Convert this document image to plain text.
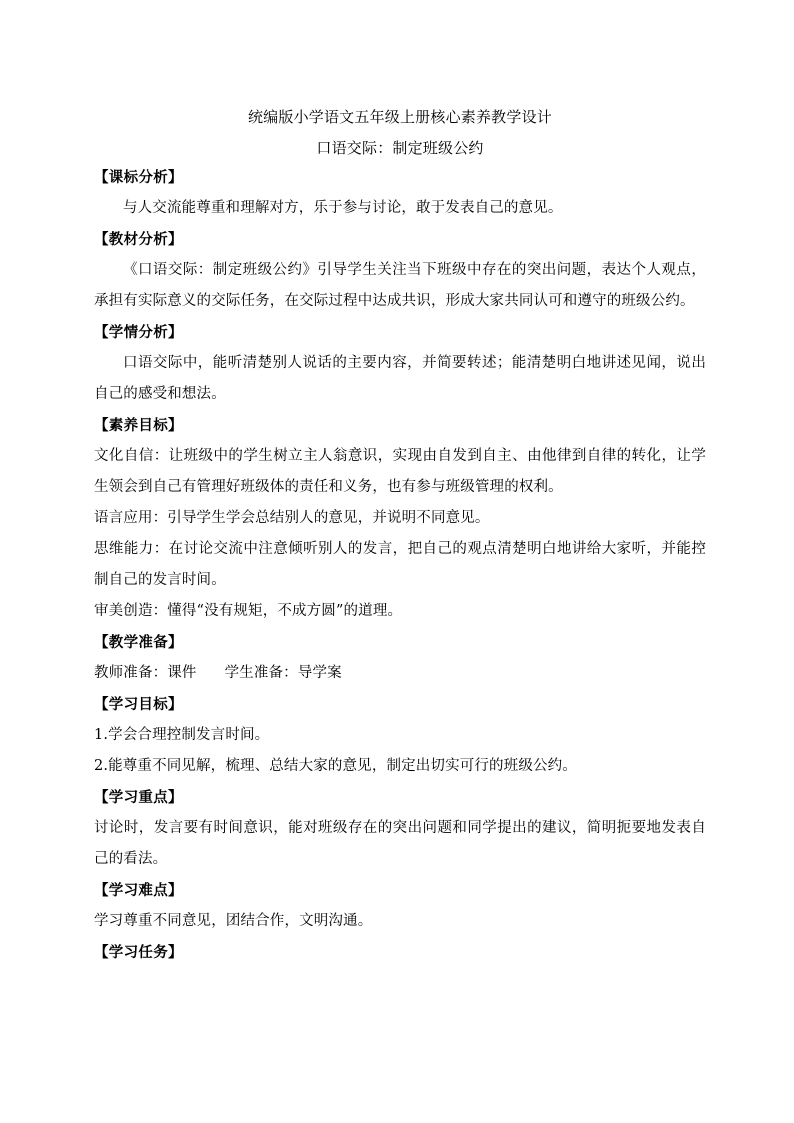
统编版小学语文五年级上册核心素养教学设计
口语交际：制定班级公约
【课标分析】

与人交流能尊重和理解对方，乐于参与讨论，敢于发表自己的意见。

【教材分析】

《口语交际：制定班级公约》引导学生关注当下班级中存在的突出问题，表达个人观点，承担有实际意义的交际任务，在交际过程中达成共识，形成大家共同认可和遵守的班级公约。

【学情分析】

口语交际中，能听清楚别人说话的主要内容，并简要转述；能清楚明白地讲述见闻，说出自己的感受和想法。

【素养目标】

文化自信：让班级中的学生树立主人翁意识，实现由自发到自主、由他律到自律的转化，让学生领会到自己有管理好班级体的责任和义务，也有参与班级管理的权利。

语言应用：引导学生学会总结别人的意见，并说明不同意见。

思维能力：在讨论交流中注意倾听别人的发言，把自己的观点清楚明白地讲给大家听，并能控制自己的发言时间。

审美创造：懂得“没有规矩，不成方圆”的道理。

【教学准备】

教师准备：课件 学生准备：导学案

【学习目标】

1.学会合理控制发言时间。

2.能尊重不同见解，梳理、总结大家的意见，制定出切实可行的班级公约。

【学习重点】

讨论时，发言要有时间意识，能对班级存在的突出问题和同学提出的建议，简明扼要地发表自己的看法。

【学习难点】

学习尊重不同意见，团结合作，文明沟通。

【学习任务】
